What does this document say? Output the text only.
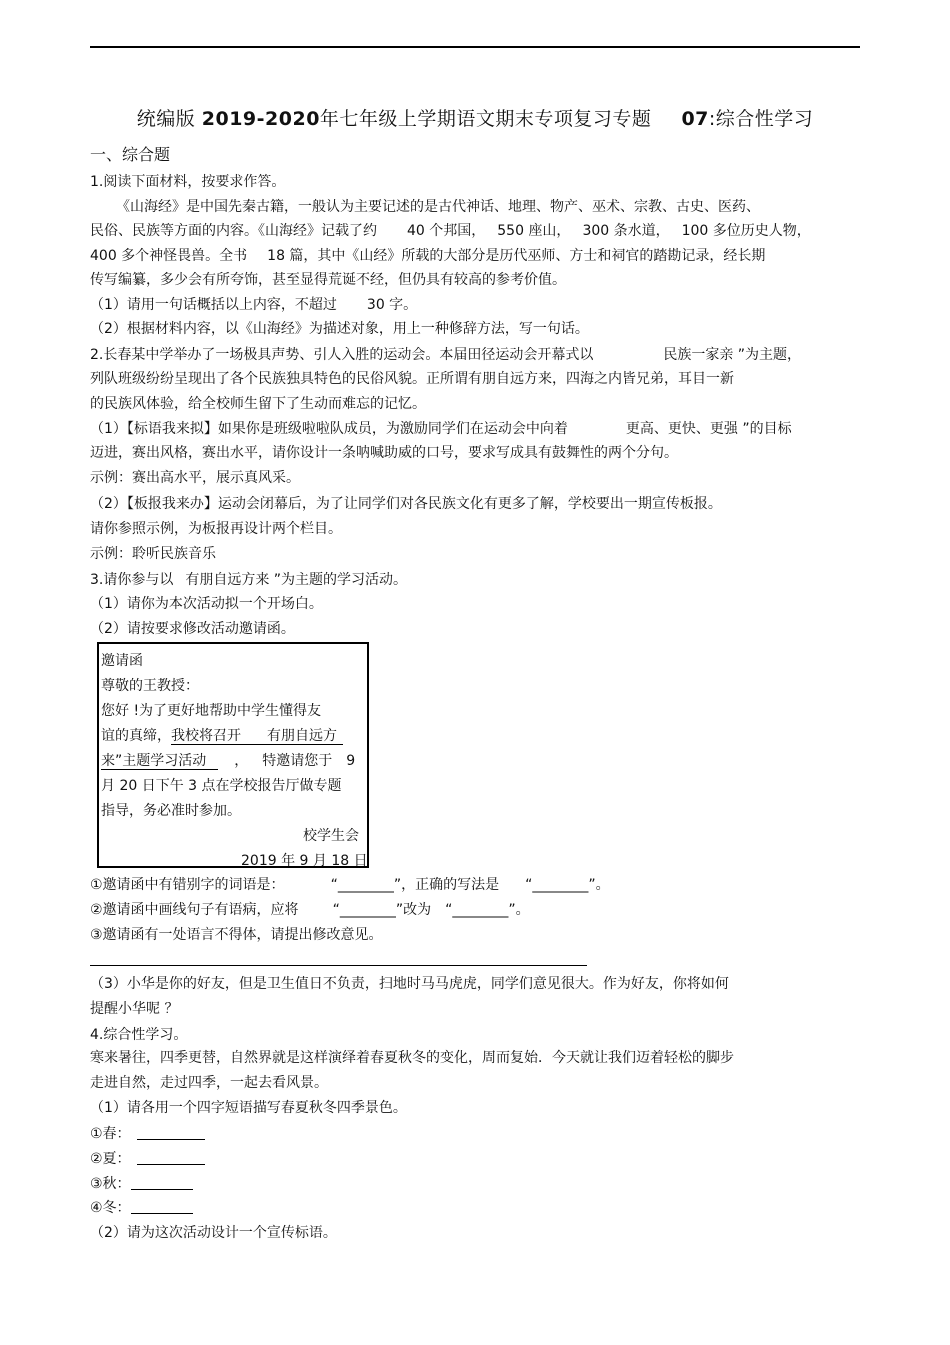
统编版 2019-2020年七年级上学期语文期末专项复习专题 07:综合性学习
一、综合题
1.阅读下面材料，按要求作答。
《山海经》是中国先秦古籍，一般认为主要记述的是古代神话、地理、物产、巫术、宗教、古史、医药、
民俗、民族等方面的内容。《山海经》记载了约 40 个邦国， 550 座山， 300 条水道， 100 多位历史人物，
400 多个神怪畏兽。全书 18 篇，其中《山经》所载的大部分是历代巫师、方士和祠官的踏勘记录，经长期
传写编纂，多少会有所夸饰，甚至显得荒诞不经，但仍具有较高的参考价值。
（1）请用一句话概括以上内容，不超过 30 字。
（2）根据材料内容，以《山海经》为描述对象，用上一种修辞方法，写一句话。
2.长春某中学举办了一场极具声势、引人入胜的运动会。本届田径运动会开幕式以	民族一家亲 ”为主题，
列队班级纷纷呈现出了各个民族独具特色的民俗风貌。正所谓有朋自远方来，四海之内皆兄弟，耳目一新
的民族风体验，给全校师生留下了生动而难忘的记忆。
（1）【标语我来拟】如果你是班级啦啦队成员，为激励同学们在运动会中向着	更高、更快、更强 ”的目标
迈进，赛出风格，赛出水平，请你设计一条呐喊助威的口号，要求写成具有鼓舞性的两个分句。
示例：赛出高水平，展示真风采。
（2）【板报我来办】运动会闭幕后，为了让同学们对各民族文化有更多了解，学校要出一期宣传板报。
请你参照示例，为板报再设计两个栏目。
示例：聆听民族音乐
3.请你参与以 有朋自远方来 ”为主题的学习活动。
（1）请你为本次活动拟一个开场白。
（2）请按要求修改活动邀请函。
邀请函
尊敬的王教授：
您好 !为了更好地帮助中学生懂得友
谊的真缔，我校将召开 有朋自远方
来”主题学习活动 ， 特邀请您于 9
月 20 日下午 3 点在学校报告厅做专题
指导，务必准时参加。
校学生会
2019 年 9 月 18 日
①邀请函中有错别字的词语是：	“________”，正确的写法是 “________”。
②邀请函中画线句子有语病，应将 “________”改为 “________”。
③邀请函有一处语言不得体，请提出修改意见。
（3）小华是你的好友，但是卫生值日不负责，扫地时马马虎虎，同学们意见很大。作为好友，你将如何
提醒小华呢 ？
4.综合性学习。
寒来暑往，四季更替，自然界就是这样演绎着春夏秋冬的变化，周而复始．今天就让我们迈着轻松的脚步
走进自然，走过四季，一起去看风景。
（1）请各用一个四字短语描写春夏秋冬四季景色。
①春：
②夏：
③秋：
④冬：
（2）请为这次活动设计一个宣传标语。
